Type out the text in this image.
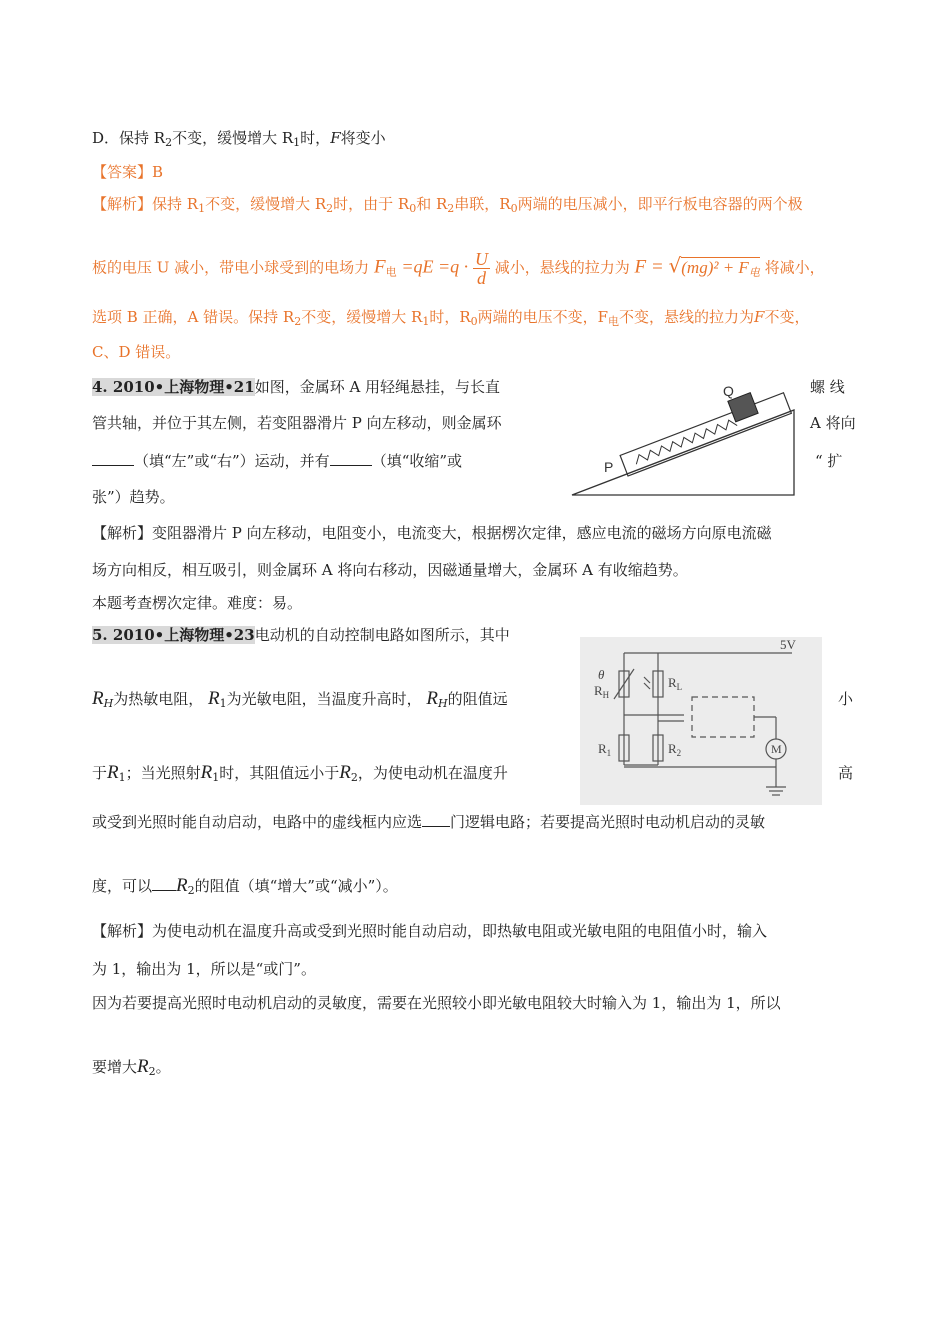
D．保持 $R_2$不变，缓慢增大 $R_1$时，F将变小
【答案】B
【解析】保持 $R_1$不变，缓慢增大 $R_2$时，由于 $R_0$和 $R_2$串联，$R_0$两端的电压减小，即平行板电容器的两个极
板的电压 U 减小，带电小球受到的电场力 $F_电 =qE =q \cdot \frac{U}{d}$ 减小，悬线的拉力为 $F = √(mg)^2 + F_电$ 将减小，
选项 B 正确，A 错误。保持 $R_2$不变，缓慢增大 $R_1$时，$R_0$两端的电压不变，$F_电$不变，悬线的拉力为F不变，
C、D 错误。
4. 2010•上海物理•21如图，金属环 A 用轻绳悬挂，与长直	螺 线
管共轴，并位于其左侧，若变阻器滑片 P 向左移动，则金属环	A 将向
（填“左”或“右”）运动，并有	（填“收缩”或	“ 扩
张”）趋势。
Q
P
【解析】变阻器滑片 P 向左移动，电阻变小，电流变大，根据楞次定律，感应电流的磁场方向原电流磁
场方向相反，相互吸引，则金属环 A 将向右移动，因磁通量增大，金属环 A 有收缩趋势。
本题考查楞次定律。难度：易。
5. 2010•上海物理•23电动机的自动控制电路如图所示，其中
$R_H$为热敏电阻， $R_1$为光敏电阻，当温度升高时， $R_H$的阻值远	小
于$R_1$；当光照射$R_1$时，其阻值远小于$R_2$，为使电动机在温度升	高
或受到光照时能自动启动，电路中的虚线框内应选 门逻辑电路；若要提高光照时电动机启动的灵敏
度，可以 $R_2$的阻值（填“增大”或“减小”）。
5V
θ
$R_H$
$R_L$
$R_1$	$R_2$	M
【解析】为使电动机在温度升高或受到光照时能自动启动，即热敏电阻或光敏电阻的电阻值小时，输入
为 1，输出为 1，所以是“或门”。
因为若要提高光照时电动机启动的灵敏度，需要在光照较小即光敏电阻较大时输入为 1，输出为 1，所以
要增大$R_2$。
